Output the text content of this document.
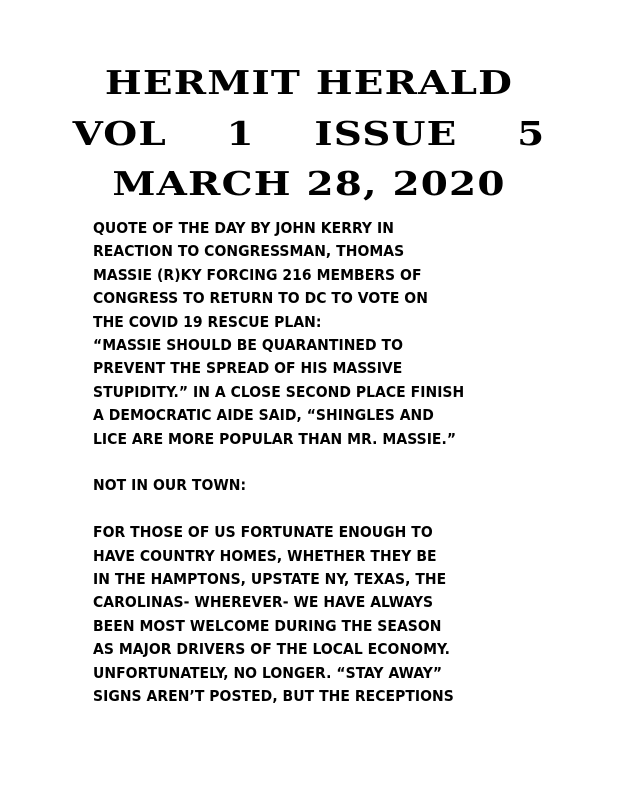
HERMIT HERALD
VOL 1 ISSUE 5
MARCH 28, 2020

QUOTE OF THE DAY BY JOHN KERRY IN
REACTION TO CONGRESSMAN, THOMAS
MASSIE (R)KY FORCING 216 MEMBERS OF
CONGRESS TO RETURN TO DC TO VOTE ON
THE COVID 19 RESCUE PLAN:
“MASSIE SHOULD BE QUARANTINED TO
PREVENT THE SPREAD OF HIS MASSIVE
STUPIDITY.” IN A CLOSE SECOND PLACE FINISH
A DEMOCRATIC AIDE SAID, “SHINGLES AND
LICE ARE MORE POPULAR THAN MR. MASSIE.”

NOT IN OUR TOWN:

FOR THOSE OF US FORTUNATE ENOUGH TO
HAVE COUNTRY HOMES, WHETHER THEY BE
IN THE HAMPTONS, UPSTATE NY, TEXAS, THE
CAROLINAS- WHEREVER- WE HAVE ALWAYS
BEEN MOST WELCOME DURING THE SEASON
AS MAJOR DRIVERS OF THE LOCAL ECONOMY.
UNFORTUNATELY, NO LONGER. “STAY AWAY”
SIGNS AREN’T POSTED, BUT THE RECEPTIONS
